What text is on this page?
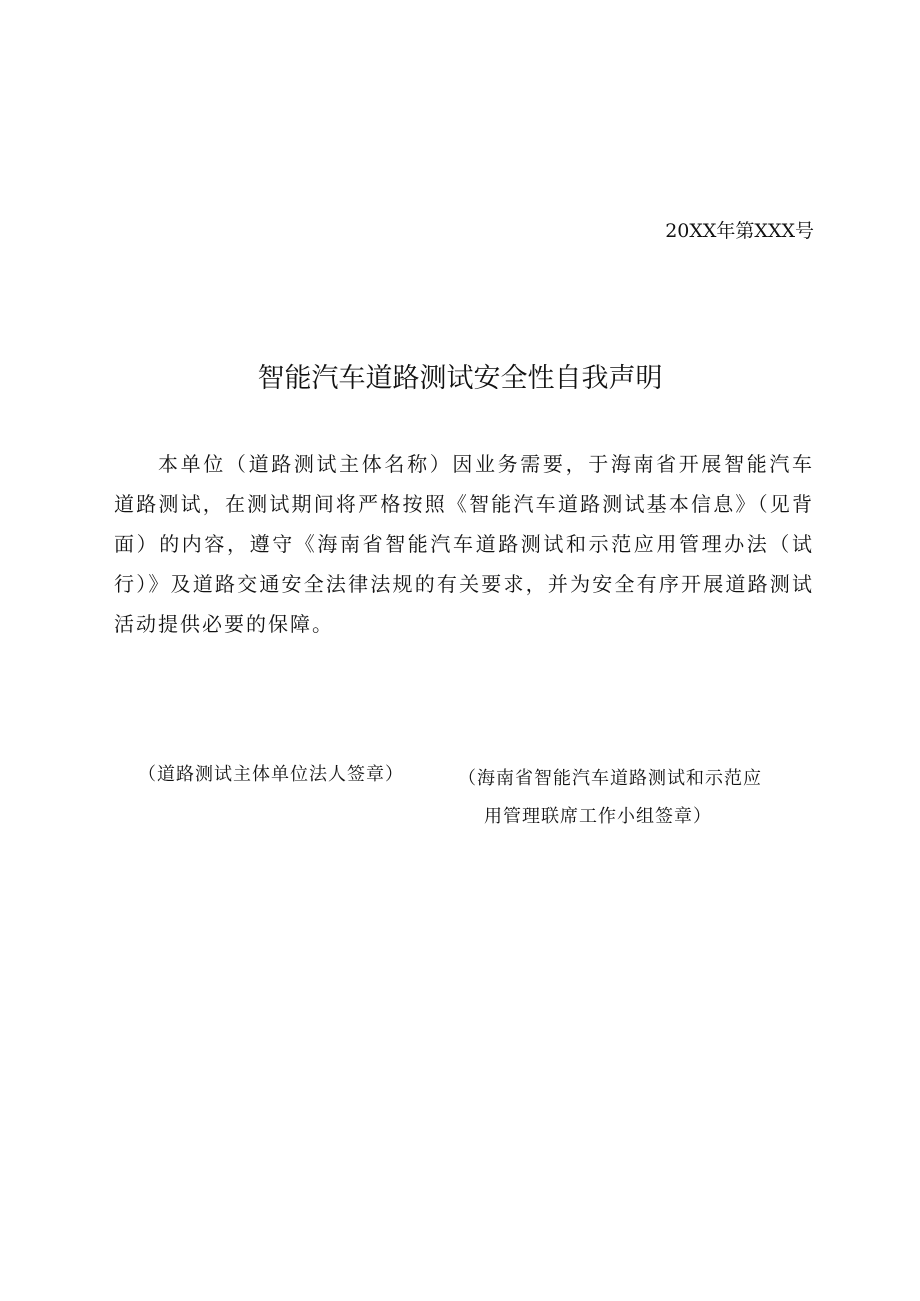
20XX年第XXX号
智能汽车道路测试安全性自我声明

本单位（道路测试主体名称）因业务需要，于海南省开展智能汽车道路测试，在测试期间将严格按照《智能汽车道路测试基本信息》（见背面）的内容，遵守《海南省智能汽车道路测试和示范应用管理办法（试行）》及道路交通安全法律法规的有关要求，并为安全有序开展道路测试活动提供必要的保障。

（道路测试主体单位法人签章）	（海南省智能汽车道路测试和示范应
用管理联席工作小组签章）
